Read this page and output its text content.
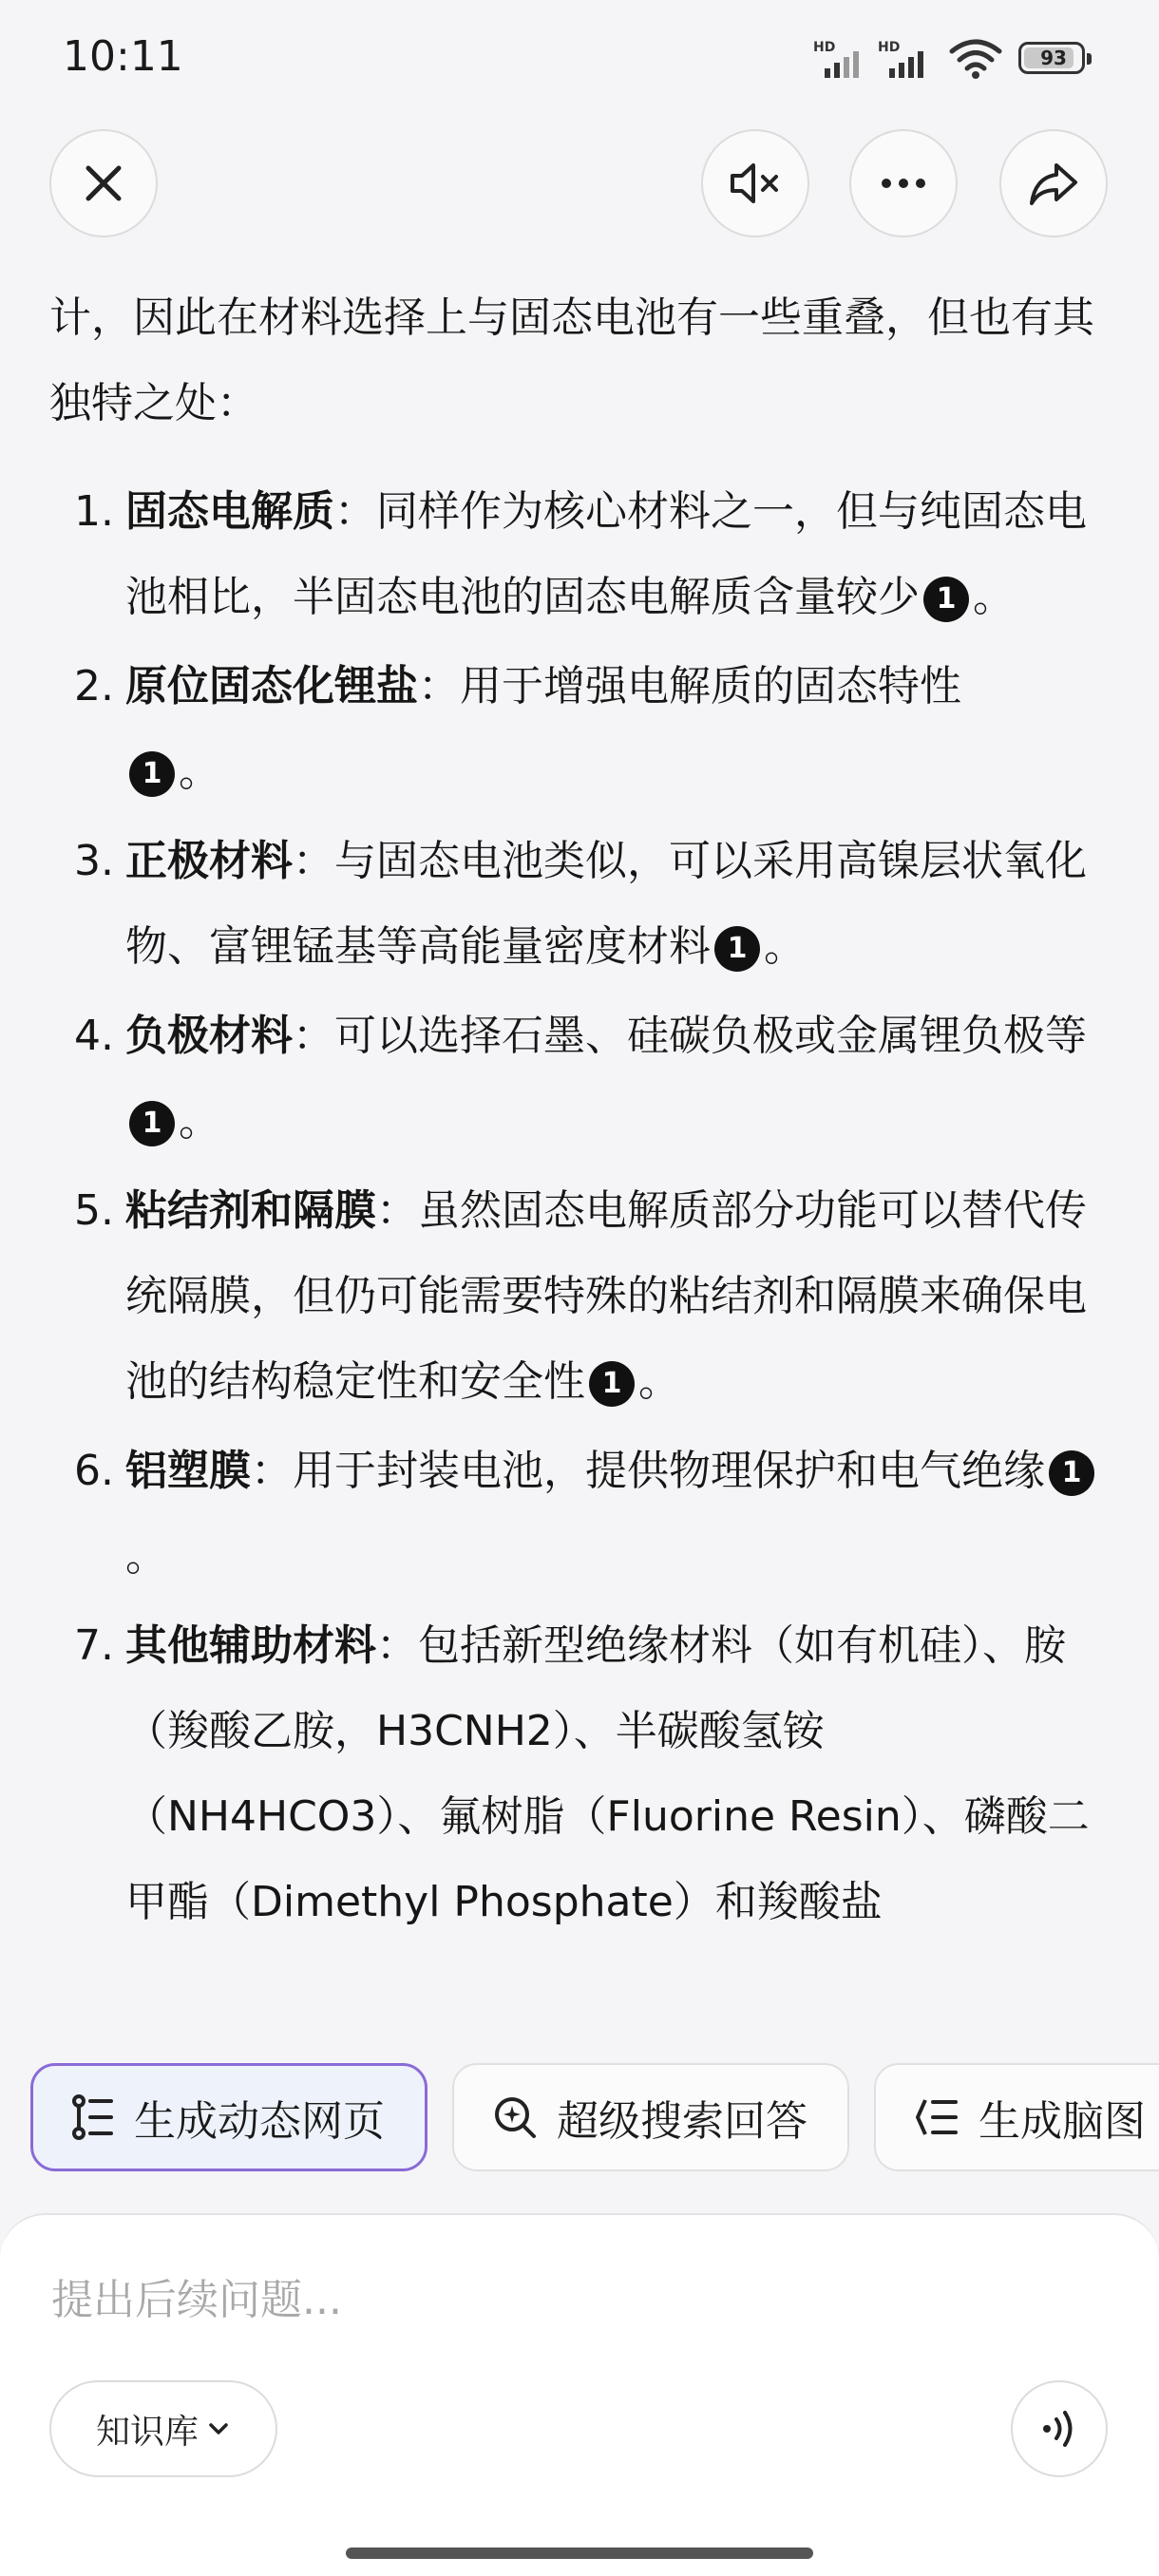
10:11	HD	HD	93

计，因此在材料选择上与固态电池有一些重叠，但也有其独特之处：

1. 固态电解质：同样作为核心材料之一，但与纯固态电池相比，半固态电池的固态电解质含量较少 1 。
2. 原位固态化锂盐：用于增强电解质的固态特性
1 。
3. 正极材料：与固态电池类似，可以采用高镍层状氧化物、富锂锰基等高能量密度材料 1 。
4. 负极材料：可以选择石墨、硅碳负极或金属锂负极等1 。
5. 粘结剂和隔膜：虽然固态电解质部分功能可以替代传统隔膜，但仍可能需要特殊的粘结剂和隔膜来确保电池的结构稳定性和安全性 1 。
6. 铝塑膜：用于封装电池，提供物理保护和电气绝缘 1。
7. 其他辅助材料：包括新型绝缘材料（如有机硅）、胺（羧酸乙胺，H3CNH2）、半碳酸氢铵（NH4HCO3）、氟树脂（Fluorine Resin）、磷酸二甲酯（Dimethyl Phosphate）和羧酸盐
生成动态网页	超级搜索回答	生成脑图
提出后续问题...
知识库
